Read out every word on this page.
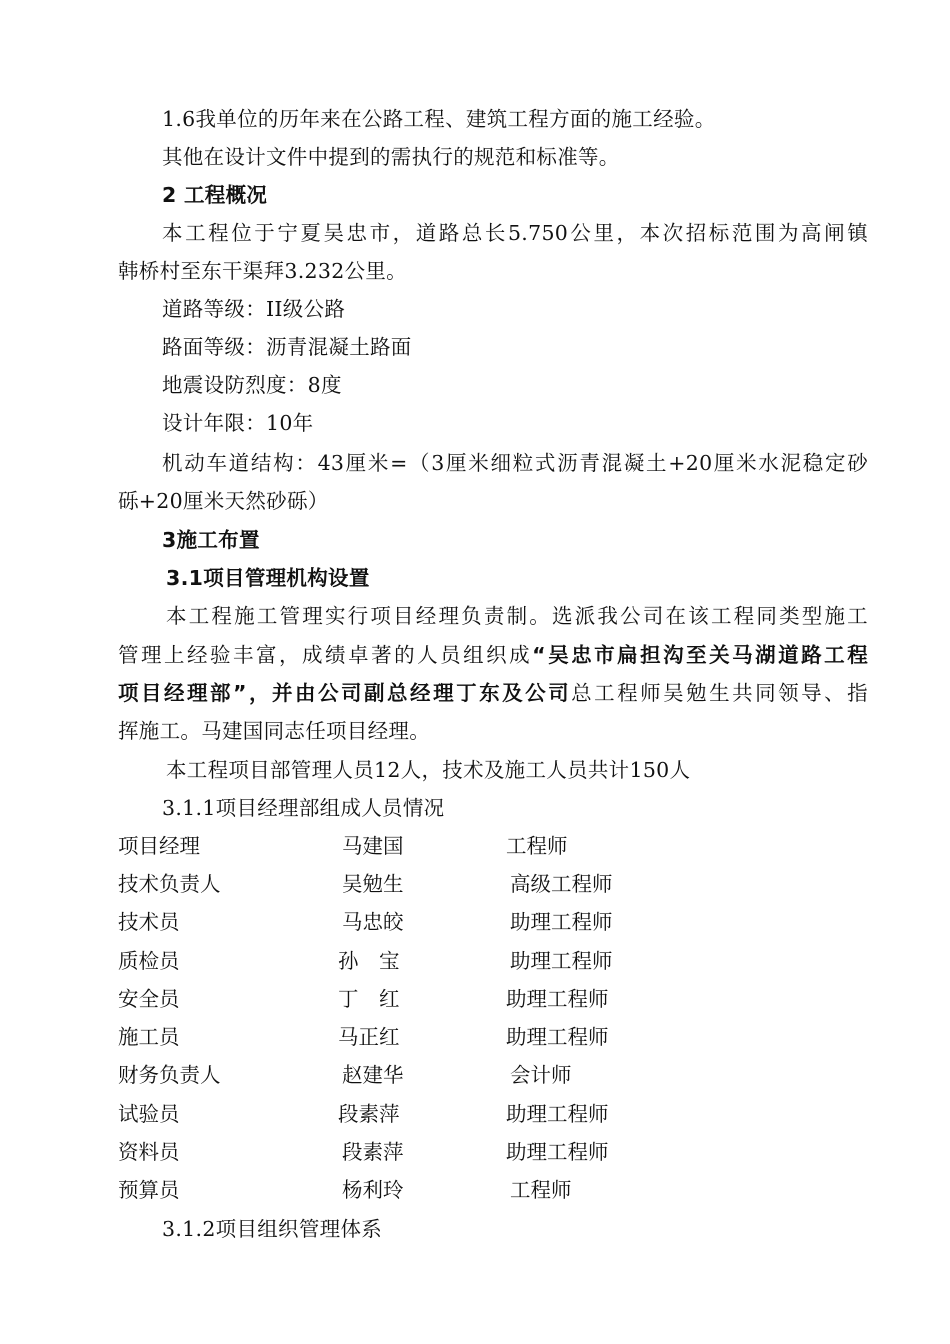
1.6我单位的历年来在公路工程、建筑工程方面的施工经验。
其他在设计文件中提到的需执行的规范和标准等。
2 工程概况
本工程位于宁夏吴忠市，道路总长5.750公里，本次招标范围为高闸镇
韩桥村至东干渠拜3.232公里。
道路等级：II级公路
路面等级：沥青混凝土路面
地震设防烈度：8度
设计年限：10年
机动车道结构：43厘米=（3厘米细粒式沥青混凝土+20厘米水泥稳定砂
砾+20厘米天然砂砾）
3施工布置
3.1项目管理机构设置
本工程施工管理实行项目经理负责制。选派我公司在该工程同类型施工
管理上经验丰富，成绩卓著的人员组织成“吴忠市扁担沟至关马湖道路工程
项目经理部”，并由公司副总经理丁东及公司总工程师吴勉生共同领导、指
挥施工。马建国同志任项目经理。
本工程项目部管理人员12人，技术及施工人员共计150人
3.1.1项目经理部组成人员情况
项目经理	马建国	工程师
技术负责人	吴勉生	高级工程师
技术员	马忠皎	助理工程师
质检员	孙　宝	助理工程师
安全员	丁　红	助理工程师
施工员	马正红	助理工程师
财务负责人	赵建华	会计师
试验员	段素萍	助理工程师
资料员	段素萍	助理工程师
预算员	杨利玲	工程师
3.1.2项目组织管理体系
